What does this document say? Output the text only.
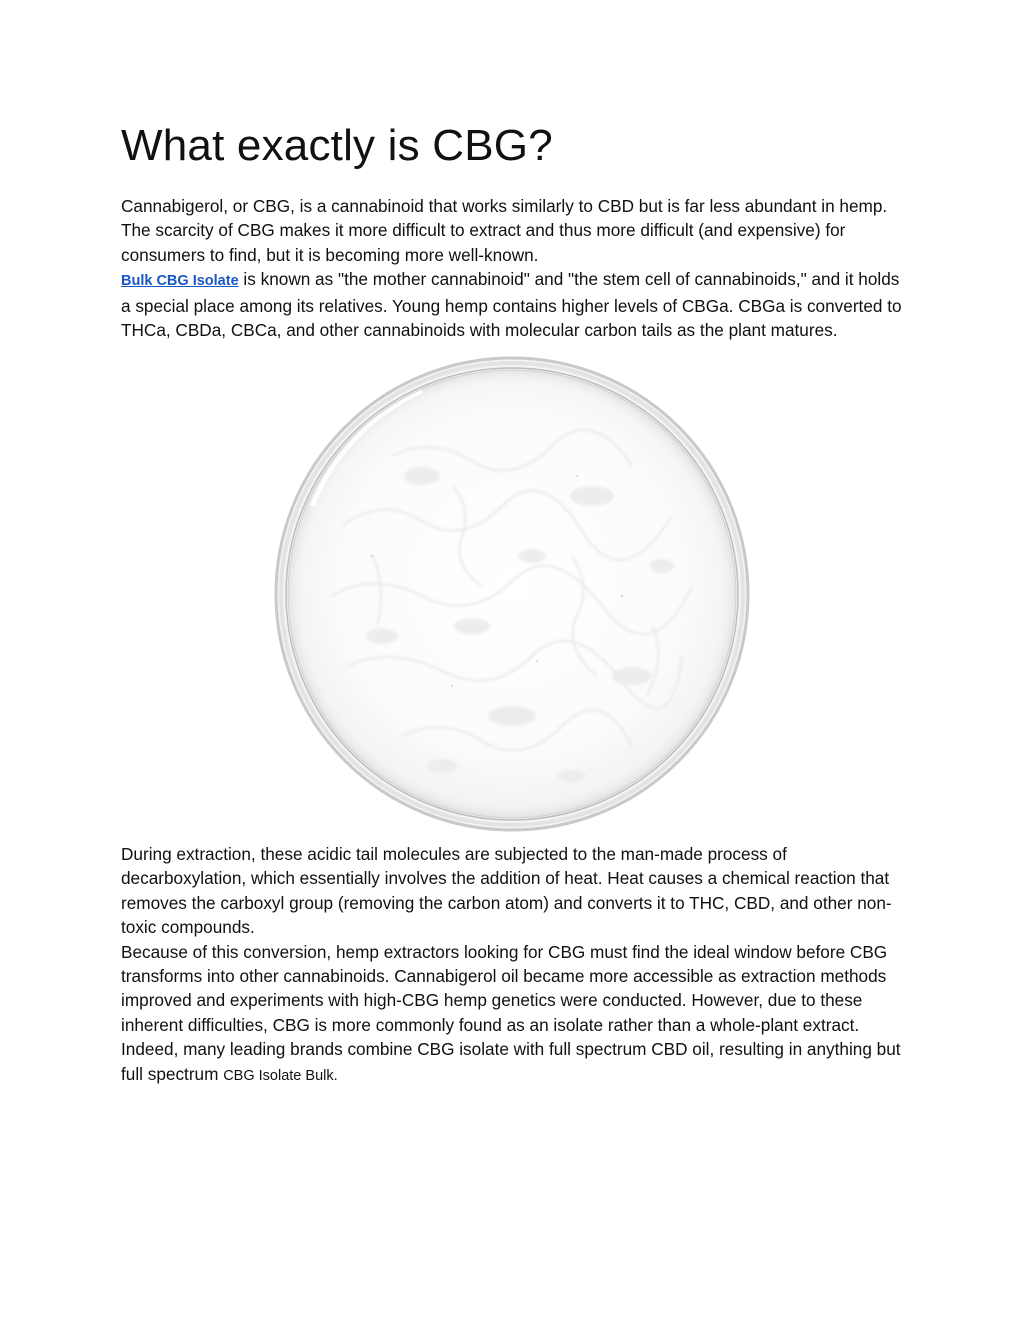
What exactly is CBG?

Cannabigerol, or CBG, is a cannabinoid that works similarly to CBD but is far less abundant in hemp. The scarcity of CBG makes it more difficult to extract and thus more difficult (and expensive) for consumers to find, but it is becoming more well-known.

Bulk CBG Isolate is known as "the mother cannabinoid" and "the stem cell of cannabinoids," and it holds a special place among its relatives. Young hemp contains higher levels of CBGa. CBGa is converted to THCa, CBDa, CBCa, and other cannabinoids with molecular carbon tails as the plant matures.

During extraction, these acidic tail molecules are subjected to the man-made process of decarboxylation, which essentially involves the addition of heat. Heat causes a chemical reaction that removes the carboxyl group (removing the carbon atom) and converts it to THC, CBD, and other non-toxic compounds.

Because of this conversion, hemp extractors looking for CBG must find the ideal window before CBG transforms into other cannabinoids. Cannabigerol oil became more accessible as extraction methods improved and experiments with high-CBG hemp genetics were conducted. However, due to these inherent difficulties, CBG is more commonly found as an isolate rather than a whole-plant extract. Indeed, many leading brands combine CBG isolate with full spectrum CBD oil, resulting in anything but full spectrum CBG Isolate Bulk.
